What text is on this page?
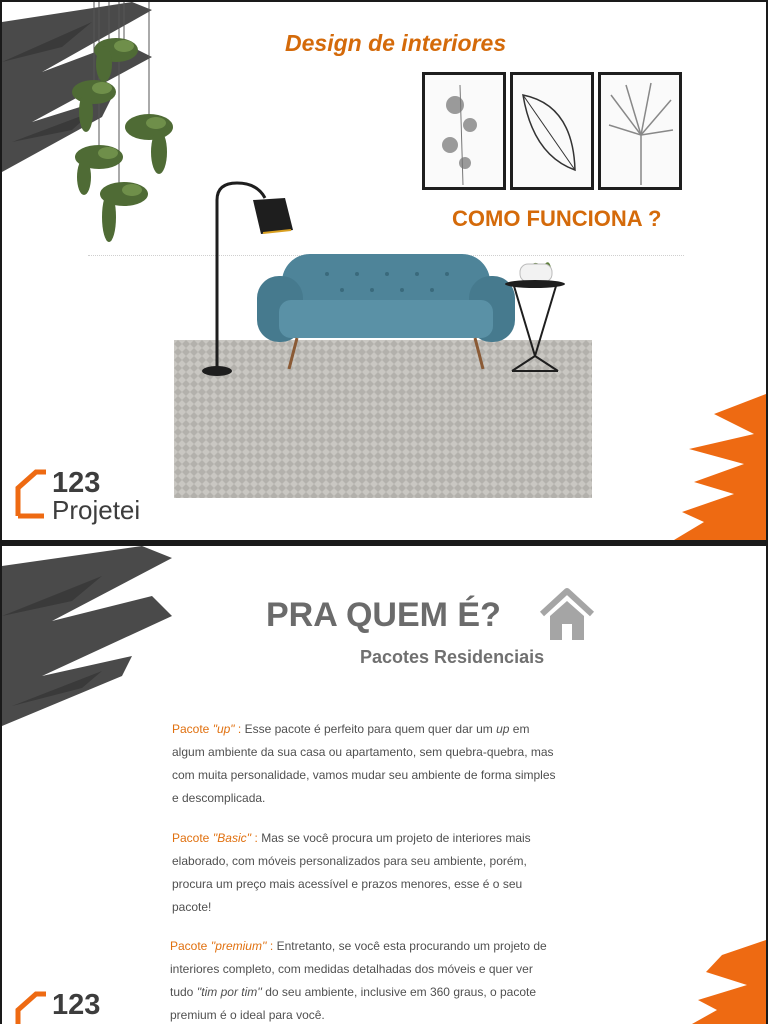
Design de interiores
COMO FUNCIONA ?
123
Projetei
PRA QUEM É?
Pacotes Residenciais

Pacote "up" : Esse pacote é perfeito para quem quer dar um up em algum ambiente da sua casa ou apartamento, sem quebra-quebra, mas com muita personalidade, vamos mudar seu ambiente de forma simples e descomplicada.

Pacote ''Basic'' : Mas se você procura um projeto de interiores mais elaborado, com móveis personalizados para seu ambiente, porém, procura um preço mais acessível e prazos menores, esse é o seu pacote!

Pacote ''premium'' : Entretanto, se você esta procurando um projeto de interiores completo, com medidas detalhadas dos móveis e quer ver tudo ''tim por tim'' do seu ambiente, inclusive em 360 graus, o pacote premium é o ideal para você.

123
